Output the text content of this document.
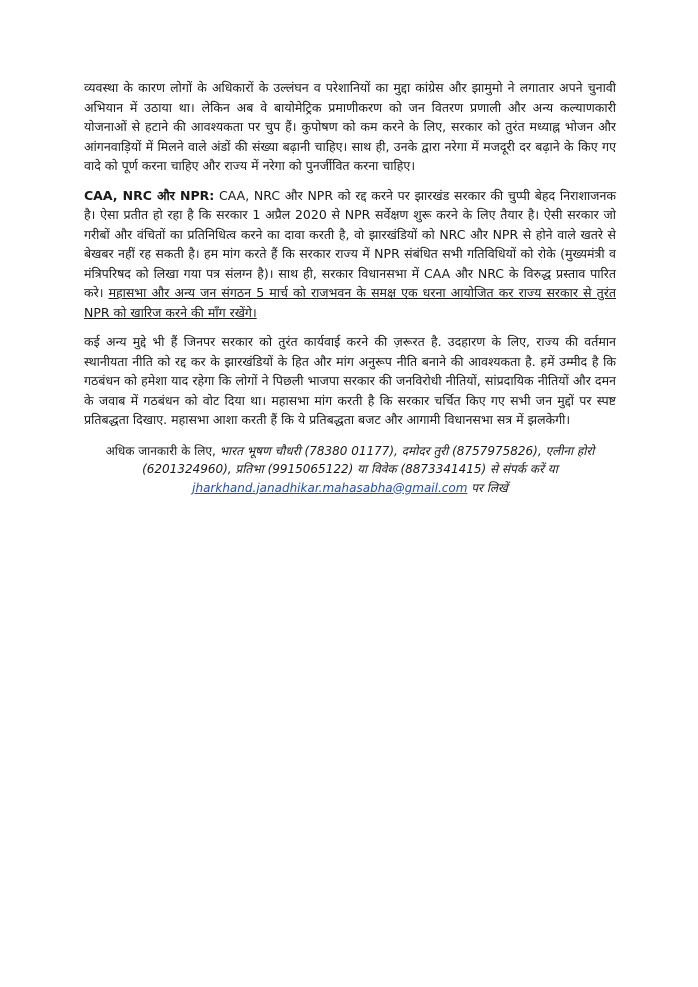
व्यवस्था के कारण लोगों के अधिकारों के उल्लंघन व परेशानियों का मुद्दा कांग्रेस और झामुमो ने लगातार अपने चुनावी अभियान में उठाया था। लेकिन अब वे बायोमेट्रिक प्रमाणीकरण को जन वितरण प्रणाली और अन्य कल्याणकारी योजनाओं से हटाने की आवश्यकता पर चुप हैं। कुपोषण को कम करने के लिए, सरकार को तुरंत मध्याह्न भोजन और आंगनवाड़ियों में मिलने वाले अंडों की संख्या बढ़ानी चाहिए। साथ ही, उनके द्वारा नरेगा में मजदूरी दर बढ़ाने के किए गए वादे को पूर्ण करना चाहिए और राज्य में नरेगा को पुनर्जीवित करना चाहिए।

CAA, NRC और NPR: CAA, NRC और NPR को रद्द करने पर झारखंड सरकार की चुप्पी बेहद निराशाजनक है। ऐसा प्रतीत हो रहा है कि सरकार 1 अप्रैल 2020 से NPR सर्वेक्षण शुरू करने के लिए तैयार है। ऐसी सरकार जो गरीबों और वंचितों का प्रतिनिधित्व करने का दावा करती है, वो झारखंडियों को NRC और NPR से होने वाले खतरे से बेखबर नहीं रह सकती है। हम मांग करते हैं कि सरकार राज्य में NPR संबंधित सभी गतिविधियों को रोके (मुख्यमंत्री व मंत्रिपरिषद को लिखा गया पत्र संलग्न है)। साथ ही, सरकार विधानसभा में CAA और NRC के विरुद्ध प्रस्ताव पारित करे। महासभा और अन्य जन संगठन 5 मार्च को राजभवन के समक्ष एक धरना आयोजित कर राज्य सरकार से तुरंत NPR को खारिज करने की माँग रखेंगे।

कई अन्य मुद्दे भी हैं जिनपर सरकार को तुरंत कार्यवाई करने की ज़रूरत है. उदहारण के लिए, राज्य की वर्तमान स्थानीयता नीति को रद्द कर के झारखंडियों के हित और मांग अनुरूप नीति बनाने की आवश्यकता है. हमें उम्मीद है कि गठबंधन को हमेशा याद रहेगा कि लोगों ने पिछली भाजपा सरकार की जनविरोधी नीतियों, सांप्रदायिक नीतियों और दमन के जवाब में गठबंधन को वोट दिया था। महासभा मांग करती है कि सरकार चर्चित किए गए सभी जन मुद्दों पर स्पष्ट प्रतिबद्धता दिखाए. महासभा आशा करती हैं कि ये प्रतिबद्धता बजट और आगामी विधानसभा सत्र में झलकेगी।

अधिक जानकारी के लिए, भारत भूषण चौधरी (78380 01177), दमोदर तुरी (8757975826), एलीना होरो
(6201324960), प्रतिभा (9915065122) या विवेक (8873341415) से संपर्क करें या
jharkhand.janadhikar.mahasabha@gmail.com पर लिखें
